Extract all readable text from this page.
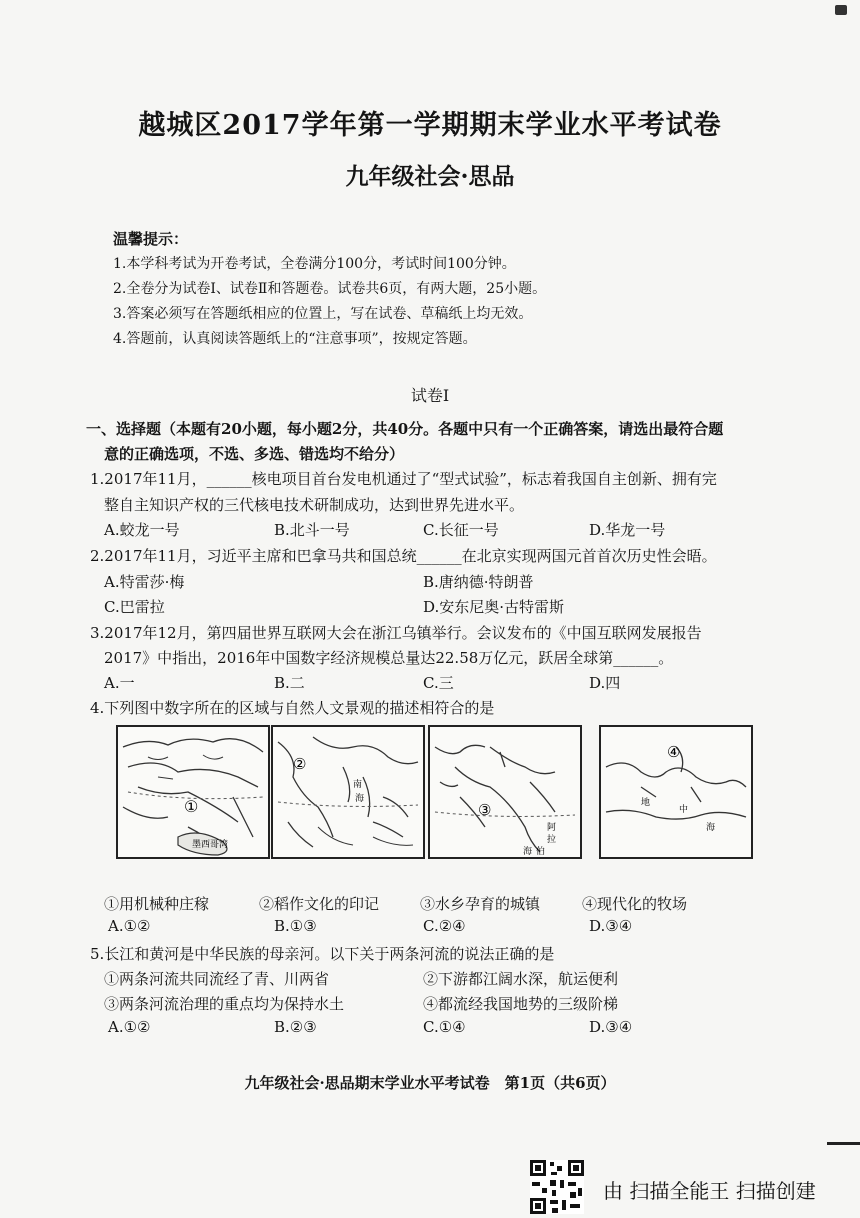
越城区2017学年第一学期期末学业水平考试卷
九年级社会·思品
温馨提示：
1.本学科考试为开卷考试，全卷满分100分，考试时间100分钟。
2.全卷分为试卷Ⅰ、试卷Ⅱ和答题卷。试卷共6页，有两大题，25小题。
3.答案必须写在答题纸相应的位置上，写在试卷、草稿纸上均无效。
4.答题前，认真阅读答题纸上的“注意事项”，按规定答题。
试卷Ⅰ
一、选择题（本题有20小题，每小题2分，共40分。各题中只有一个正确答案，请选出最符合题
意的正确选项，不选、多选、错选均不给分）
1.2017年11月，______核电项目首台发电机通过了“型式试验”，标志着我国自主创新、拥有完
整自主知识产权的三代核电技术研制成功，达到世界先进水平。
A.蛟龙一号	B.北斗一号	C.长征一号	D.华龙一号
2.2017年11月，习近平主席和巴拿马共和国总统______在北京实现两国元首首次历史性会晤。
A.特雷莎·梅	B.唐纳德·特朗普
C.巴雷拉	D.安东尼奥·古特雷斯
3.2017年12月，第四届世界互联网大会在浙江乌镇举行。会议发布的《中国互联网发展报告
2017》中指出，2016年中国数字经济规模总量达22.58万亿元，跃居全球第______。
A.一	B.二	C.三	D.四
4.下列图中数字所在的区域与自然人文景观的描述相符合的是
①
墨西哥湾
②
南
海
③
阿
拉
伯
海
④
地
中
海
①用机械种庄稼	②稻作文化的印记	③水乡孕育的城镇	④现代化的牧场
A.①②	B.①③	C.②④	D.③④
5.长江和黄河是中华民族的母亲河。以下关于两条河流的说法正确的是
①两条河流共同流经了青、川两省	②下游都江阔水深，航运便利
③两条河流治理的重点均为保持水土	④都流经我国地势的三级阶梯
A.①②	B.②③	C.①④	D.③④
九年级社会·思品期末学业水平考试卷　第1页（共6页）
由 扫描全能王 扫描创建
